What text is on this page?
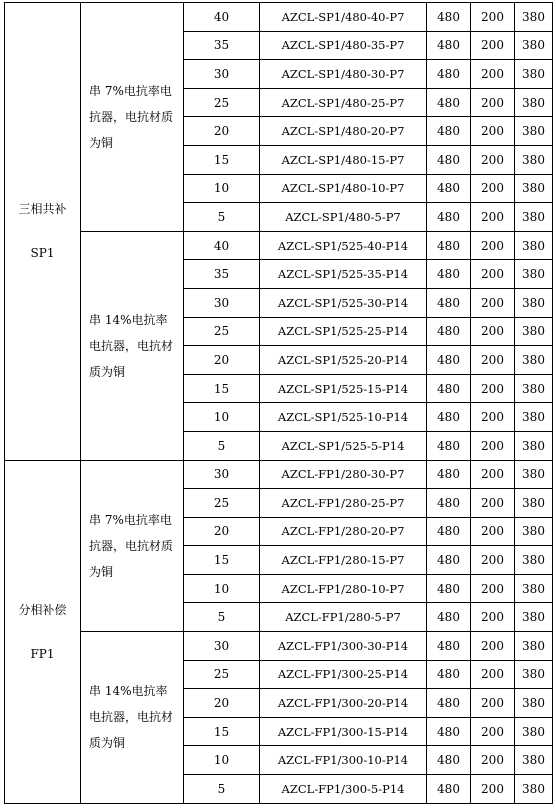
三相共补
SP1	串 7%电抗率电抗器，电抗材质为铜	40	AZCL-SP1/480-40-P7	480	200	380
		35	AZCL-SP1/480-35-P7	480	200	380
		30	AZCL-SP1/480-30-P7	480	200	380
		25	AZCL-SP1/480-25-P7	480	200	380
		20	AZCL-SP1/480-20-P7	480	200	380
		15	AZCL-SP1/480-15-P7	480	200	380
		10	AZCL-SP1/480-10-P7	480	200	380
		5	AZCL-SP1/480-5-P7	480	200	380
	串 14%电抗率电抗器，电抗材质为铜	40	AZCL-SP1/525-40-P14	480	200	380
		35	AZCL-SP1/525-35-P14	480	200	380
		30	AZCL-SP1/525-30-P14	480	200	380
		25	AZCL-SP1/525-25-P14	480	200	380
		20	AZCL-SP1/525-20-P14	480	200	380
		15	AZCL-SP1/525-15-P14	480	200	380
		10	AZCL-SP1/525-10-P14	480	200	380
		5	AZCL-SP1/525-5-P14	480	200	380

分相补偿
FP1	串 7%电抗率电抗器，电抗材质为铜	30	AZCL-FP1/280-30-P7	480	200	380
		25	AZCL-FP1/280-25-P7	480	200	380
		20	AZCL-FP1/280-20-P7	480	200	380
		15	AZCL-FP1/280-15-P7	480	200	380
		10	AZCL-FP1/280-10-P7	480	200	380
		5	AZCL-FP1/280-5-P7	480	200	380
	串 14%电抗率电抗器，电抗材质为铜	30	AZCL-FP1/300-30-P14	480	200	380
		25	AZCL-FP1/300-25-P14	480	200	380
		20	AZCL-FP1/300-20-P14	480	200	380
		15	AZCL-FP1/300-15-P14	480	200	380
		10	AZCL-FP1/300-10-P14	480	200	380
		5	AZCL-FP1/300-5-P14	480	200	380
